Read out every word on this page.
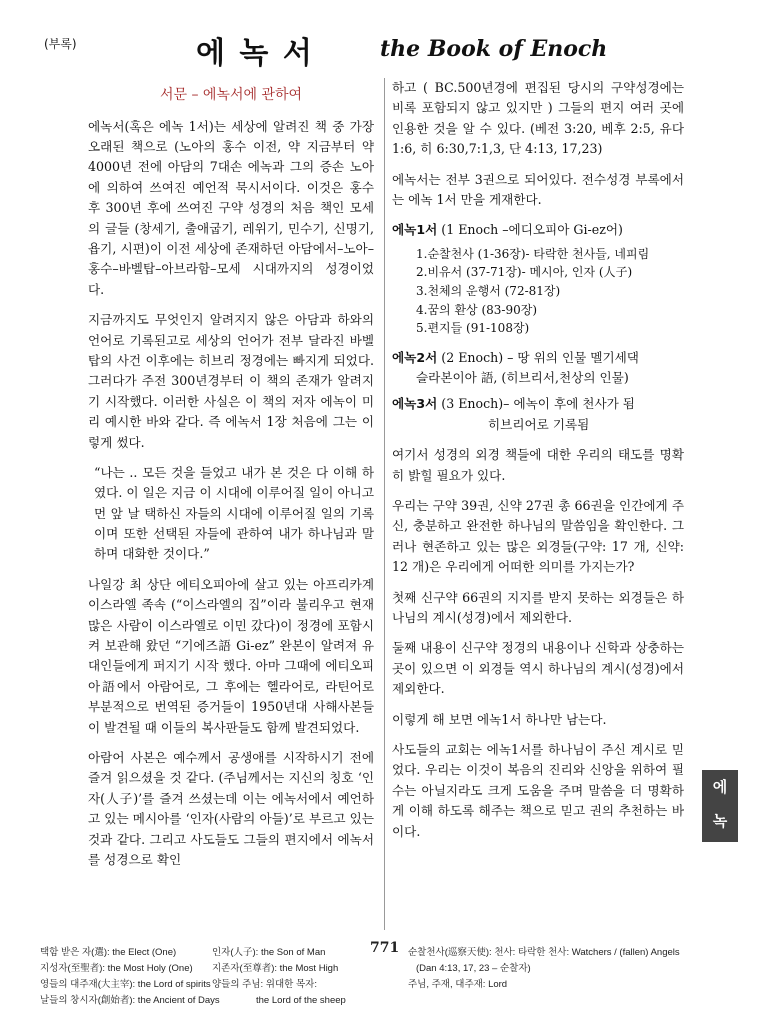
(부록)	에 녹 서	the Book of Enoch
서문 – 에녹서에 관하여

에녹서(혹은 에녹 1서)는 세상에 알려진 책 중 가장 오래된 책으로 (노아의 홍수 이전, 약 지금부터 약 4000년 전에 아담의 7대손 에녹과 그의 증손 노아에 의하여 쓰여진 예언적 묵시서이다. 이것은 홍수 후 300년 후에 쓰여진 구약 성경의 처음 책인 모세의 글들 (창세기, 출애굽기, 레위기, 민수기, 신명기, 욥기, 시편)이 이전 세상에 존재하던 아담에서–노아–홍수–바벨탑–아브라함–모세 시대까지의 성경이었다.

지금까지도 무엇인지 알려지지 않은 아담과 하와의 언어로 기록된고로 세상의 언어가 전부 달라진 바벨탑의 사건 이후에는 히브리 정경에는 빠지게 되었다. 그러다가 주전 300년경부터 이 책의 존재가 알려지기 시작했다. 이러한 사실은 이 책의 저자 에녹이 미리 예시한 바와 같다. 즉 에녹서 1장 처음에 그는 이렇게 썼다.

“나는 .. 모든 것을 들었고 내가 본 것은 다 이해 하였다. 이 일은 지금 이 시대에 이루어질 일이 아니고 먼 앞 날 택하신 자들의 시대에 이루어질 일의 기록이며 또한 선택된 자들에 관하여 내가 하나님과 말하며 대화한 것이다.”

나일강 최 상단 에티오피아에 살고 있는 아프리카계 이스라엘 족속 (“이스라엘의 집”이라 불리우고 현재 많은 사람이 이스라엘로 이민 갔다)이 정경에 포함시켜 보관해 왔던 “기에즈語 Gi-ez” 완본이 알려져 유대인들에게 퍼지기 시작 했다. 아마 그때에 에티오피아語에서 아람어로, 그 후에는 헬라어로, 라틴어로 부분적으로 번역된 증거들이 1950년대 사해사본들이 발견될 때 이들의 복사판들도 함께 발견되었다.

아람어 사본은 예수께서 공생애를 시작하시기 전에 즐겨 읽으셨을 것 같다. (주님께서는 지신의 칭호 ‘인자(人子)’를 즐겨 쓰셨는데 이는 에녹서에서 예언하고 있는 메시아를 ‘인자(사람의 아들)’로 부르고 있는 것과 같다. 그리고 사도들도 그들의 편지에서 에녹서를 성경으로 확인

하고 ( BC.500년경에 편집된 당시의 구약성경에는 비록 포함되지 않고 있지만 ) 그들의 편지 여러 곳에 인용한 것을 알 수 있다. (베전 3:20, 베후 2:5, 유다 1:6, 히 6:30,7:1,3, 단 4:13, 17,23)

에녹서는 전부 3권으로 되어있다. 전수성경 부록에서는 에녹 1서 만을 게재한다.

에녹1서 (1 Enoch –에디오피아 Gi-ez어)
1.순찰천사 (1-36장)- 타락한 천사들, 네피림
2.비유서 (37-71장)- 메시아, 인자 (人子)
3.천체의 운행서 (72-81장)
4.꿈의 환상 (83-90장)
5.편지들 (91-108장)
에녹2서 (2 Enoch) – 땅 위의 인물 멜기세댁
슬라본이아 語, (히브리서,천상의 인물)
에녹3서 (3 Enoch)– 에녹이 후에 천사가 됨
히브리어로 기록됨

여기서 성경의 외경 책들에 대한 우리의 태도를 명확히 밝힐 필요가 있다.

우리는 구약 39권, 신약 27권 총 66권을 인간에게 주신, 충분하고 완전한 하나님의 말씀임을 확인한다. 그러나 현존하고 있는 많은 외경들(구약: 17 개, 신약: 12 개)은 우리에게 어떠한 의미를 가지는가?

첫째 신구약 66권의 지지를 받지 못하는 외경들은 하나님의 계시(성경)에서 제외한다.

둘째 내용이 신구약 정경의 내용이나 신학과 상충하는 곳이 있으면 이 외경들 역시 하나님의 계시(성경)에서 제외한다.

이렇게 해 보면 에녹1서 하나만 남는다.

사도들의 교회는 에녹1서를 하나님이 주신 계시로 믿었다. 우리는 이것이 복음의 진리와 신앙을 위하여 필수는 아닐지라도 크게 도움을 주며 말씀을 더 명확하게 이해 하도록 해주는 책으로 믿고 권의 추천하는 바이다.

에
녹
택함 받은 자(選): the Elect (One)
지성자(至聖者): the Most Holy (One)
영들의 대주재(大主宰): the Lord of spirits
날들의 창시자(創始者): the Ancient of Days
인자(人子): the Son of Man
지존자(至尊者): the Most High
양들의 주님: 위대한 목자:
the Lord of the sheep
771 순찰천사(巡察天使): 천사: 타락한 천사: Watchers / (fallen) Angels
(Dan 4:13, 17, 23 – 순찰자)
주님, 주재, 대주재: Lord
